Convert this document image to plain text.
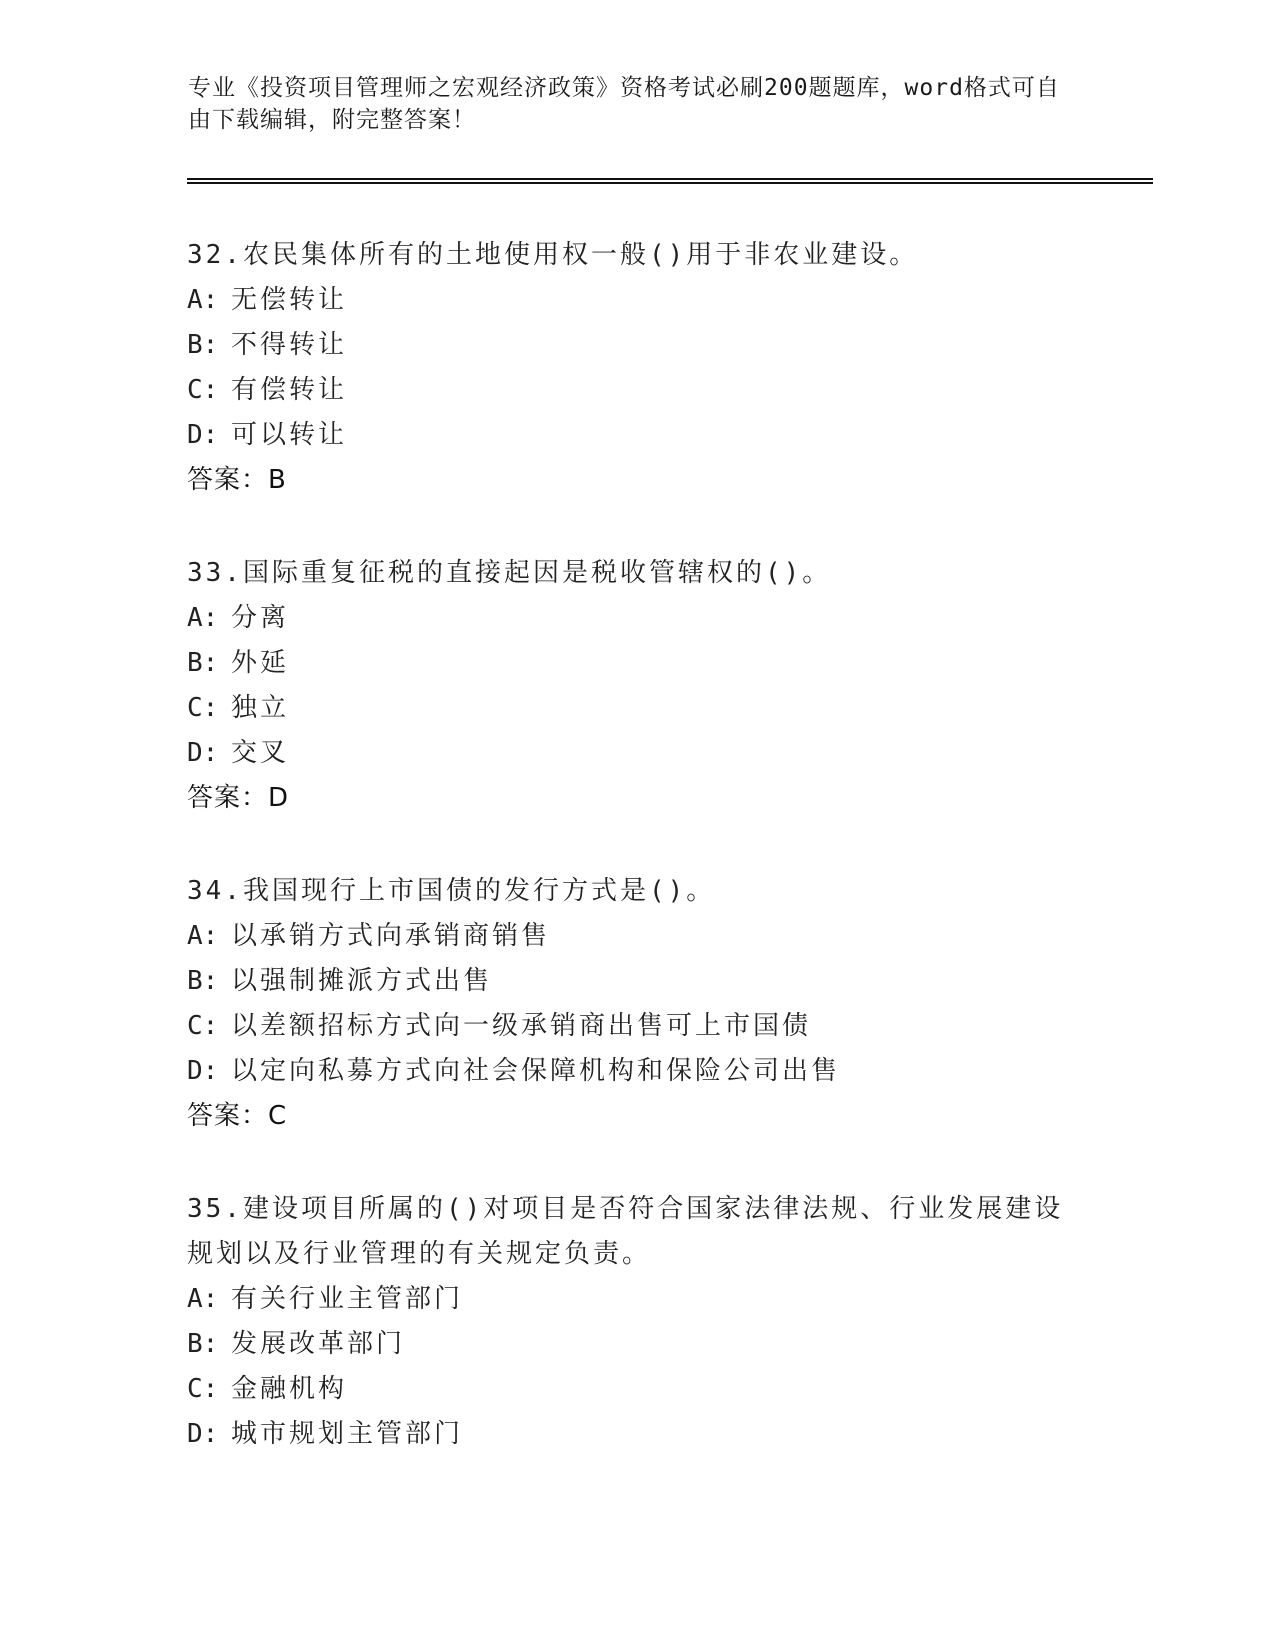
专业《投资项目管理师之宏观经济政策》资格考试必刷200题题库，word格式可自由下载编辑，附完整答案！
32.农民集体所有的土地使用权一般()用于非农业建设。
A: 无偿转让
B: 不得转让
C: 有偿转让
D: 可以转让
答案：B
33.国际重复征税的直接起因是税收管辖权的()。
A: 分离
B: 外延
C: 独立
D: 交叉
答案：D
34.我国现行上市国债的发行方式是()。
A: 以承销方式向承销商销售
B: 以强制摊派方式出售
C: 以差额招标方式向一级承销商出售可上市国债
D: 以定向私募方式向社会保障机构和保险公司出售
答案：C
35.建设项目所属的()对项目是否符合国家法律法规、行业发展建设规划以及行业管理的有关规定负责。
A: 有关行业主管部门
B: 发展改革部门
C: 金融机构
D: 城市规划主管部门
